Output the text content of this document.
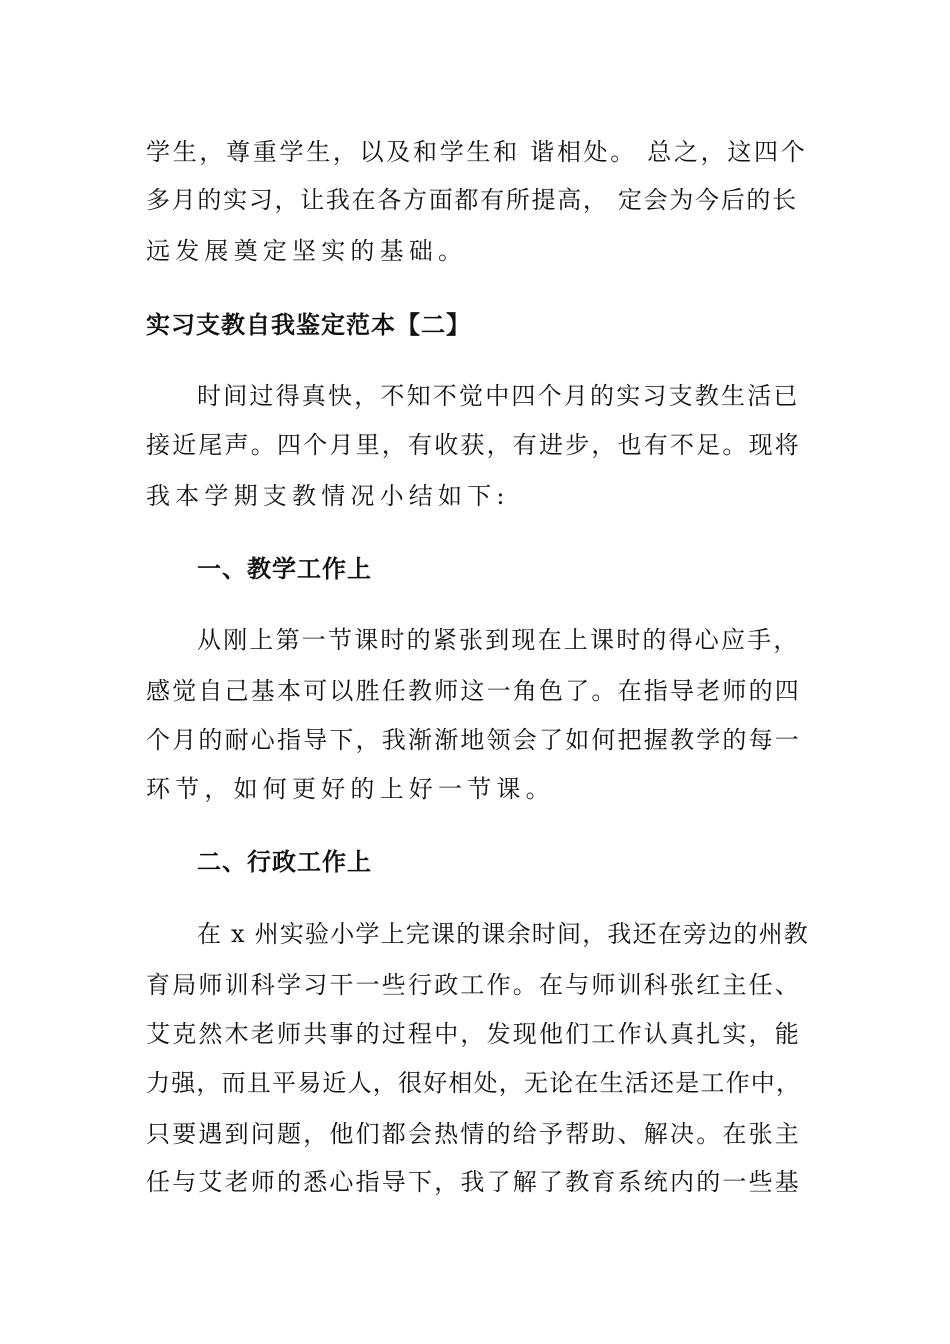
学生，尊重学生，以及和学生和 谐相处。 总之，这四个
多月的实习，让我在各方面都有所提高， 定会为今后的长
远发展奠定坚实的基础。
实习支教自我鉴定范本【二】
时间过得真快，不知不觉中四个月的实习支教生活已
接近尾声。四个月里，有收获，有进步，也有不足。现将
我本学期支教情况小结如下:
一、教学工作上
从刚上第一节课时的紧张到现在上课时的得心应手，
感觉自己基本可以胜任教师这一角色了。在指导老师的四
个月的耐心指导下，我渐渐地领会了如何把握教学的每一
环节，如何更好的上好一节课。
二、行政工作上
在 x 州实验小学上完课的课余时间，我还在旁边的州教
育局师训科学习干一些行政工作。在与师训科张红主任、
艾克然木老师共事的过程中，发现他们工作认真扎实，能
力强，而且平易近人，很好相处，无论在生活还是工作中，
只要遇到问题，他们都会热情的给予帮助、解决。在张主
任与艾老师的悉心指导下，我了解了教育系统内的一些基
